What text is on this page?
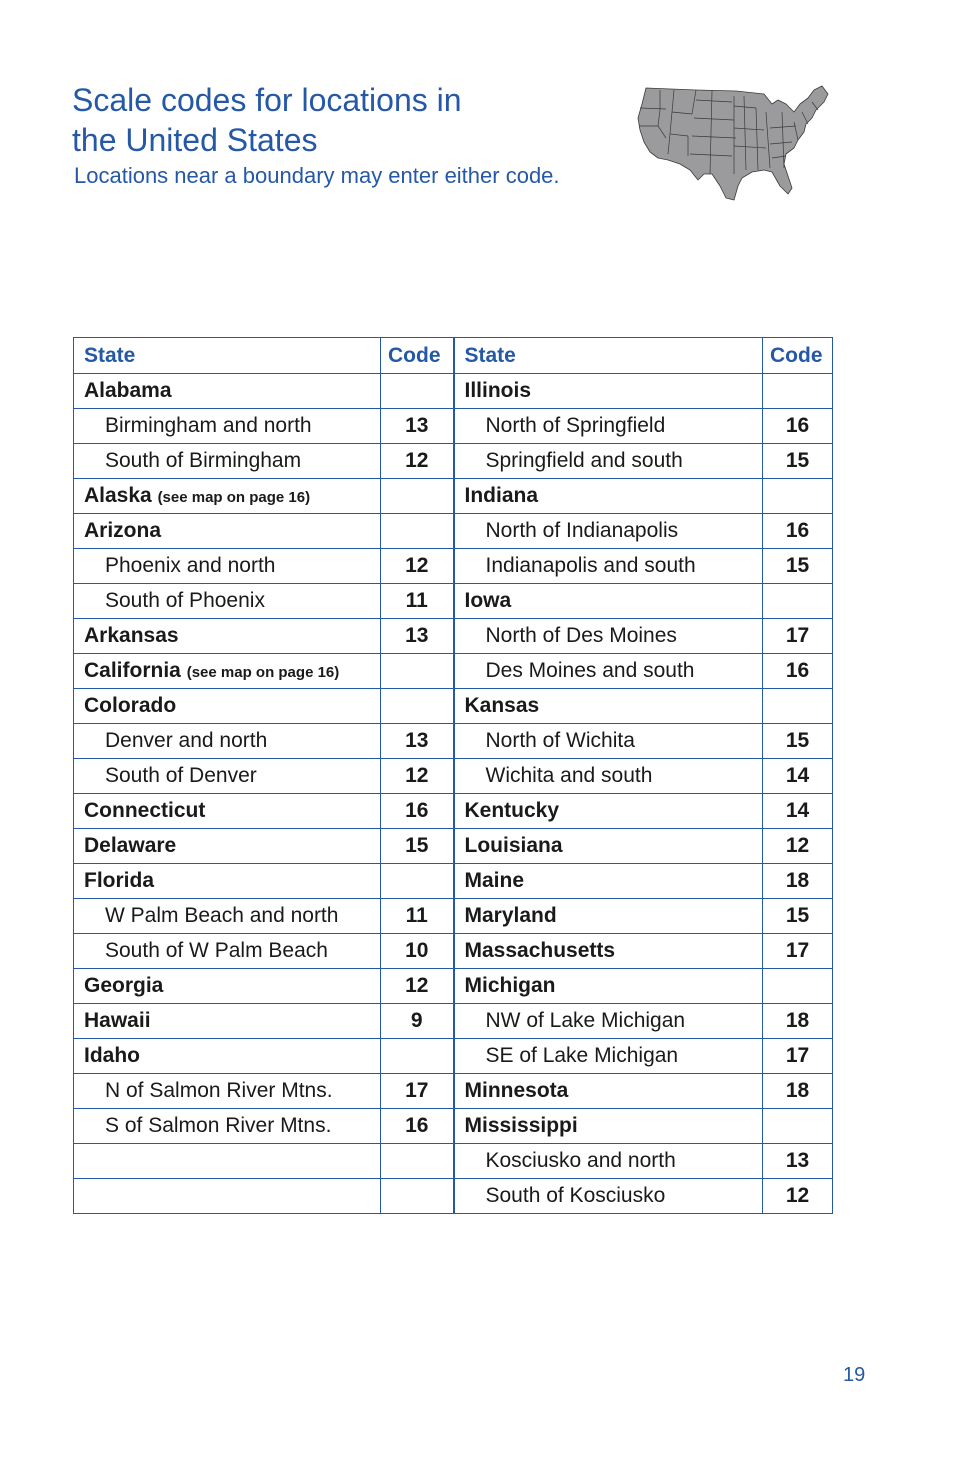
Scale codes for locations in
the United States
Locations near a boundary may enter either code.
State	Code	State	Code
Alabama		Illinois	
Birmingham and north	13	North of Springfield	16
South of Birmingham	12	Springfield and south	15
Alaska (see map on page 16)		Indiana	
Arizona		North of Indianapolis	16
Phoenix and north	12	Indianapolis and south	15
South of Phoenix	11	Iowa	
Arkansas	13	North of Des Moines	17
California (see map on page 16)		Des Moines and south	16
Colorado		Kansas	
Denver and north	13	North of Wichita	15
South of Denver	12	Wichita and south	14
Connecticut	16	Kentucky	14
Delaware	15	Louisiana	12
Florida		Maine	18
W Palm Beach and north	11	Maryland	15
South of W Palm Beach	10	Massachusetts	17
Georgia	12	Michigan	
Hawaii	9	NW of Lake Michigan	18
Idaho		SE of Lake Michigan	17
N of Salmon River Mtns.	17	Minnesota	18
S of Salmon River Mtns.	16	Mississippi	
		Kosciusko and north	13
		South of Kosciusko	12
19
